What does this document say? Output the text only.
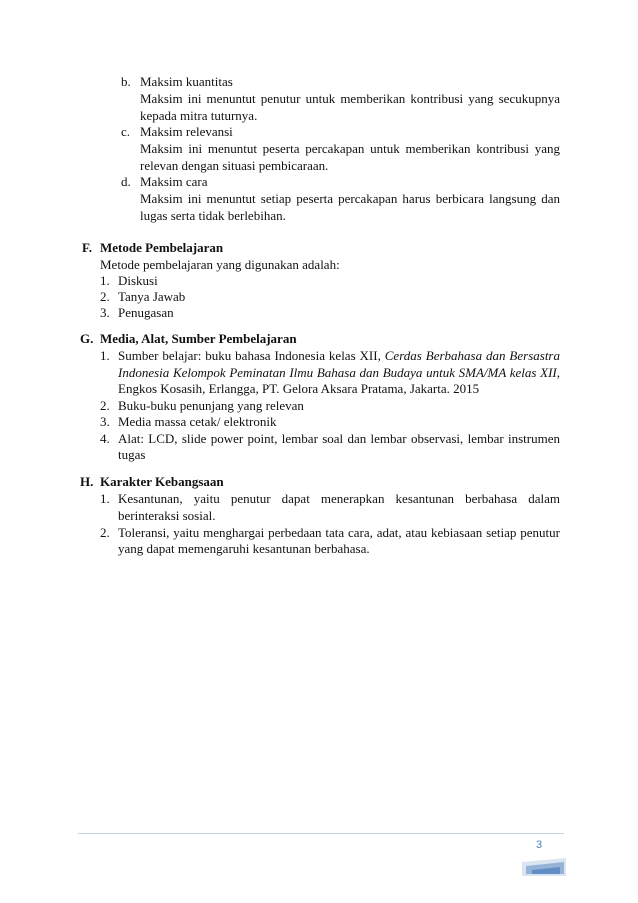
b. Maksim kuantitas
Maksim ini menuntut penutur untuk memberikan kontribusi yang secukupnya
kepada mitra tuturnya.
c. Maksim relevansi
Maksim ini menuntut peserta percakapan untuk memberikan kontribusi yang
relevan dengan situasi pembicaraan.
d. Maksim cara
Maksim ini menuntut setiap peserta percakapan harus berbicara langsung dan
lugas serta tidak berlebihan.
F. Metode Pembelajaran
Metode pembelajaran yang digunakan adalah:
1. Diskusi
2. Tanya Jawab
3. Penugasan
G. Media, Alat, Sumber Pembelajaran
1. Sumber belajar: buku bahasa Indonesia kelas XII, Cerdas Berbahasa dan Bersastra
Indonesia Kelompok Peminatan Ilmu Bahasa dan Budaya untuk SMA/MA kelas XII,
Engkos Kosasih, Erlangga, PT. Gelora Aksara Pratama, Jakarta. 2015
2. Buku-buku penunjang yang relevan
3. Media massa cetak/ elektronik
4. Alat: LCD, slide power point, lembar soal dan lembar observasi, lembar instrumen
tugas
H. Karakter Kebangsaan
1. Kesantunan, yaitu penutur dapat menerapkan kesantunan berbahasa dalam
berinteraksi sosial.
2. Toleransi, yaitu menghargai perbedaan tata cara, adat, atau kebiasaan setiap penutur
yang dapat memengaruhi kesantunan berbahasa.
3
